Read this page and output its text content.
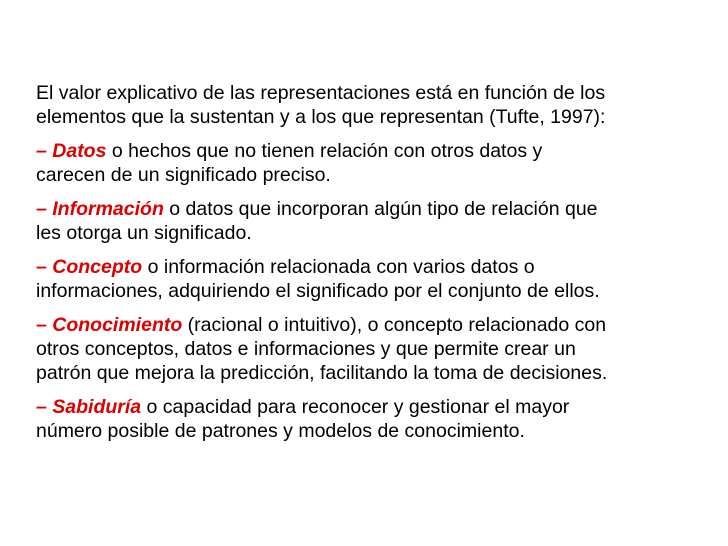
El valor explicativo de las representaciones está en función de los
elementos que la sustentan y a los que representan (Tufte, 1997):

– Datos o hechos que no tienen relación con otros datos y
carecen de un significado preciso.

– Información o datos que incorporan algún tipo de relación que
les otorga un significado.

– Concepto o información relacionada con varios datos o
informaciones, adquiriendo el significado por el conjunto de ellos.

– Conocimiento (racional o intuitivo), o concepto relacionado con
otros conceptos, datos e informaciones y que permite crear un
patrón que mejora la predicción, facilitando la toma de decisiones.

– Sabiduría o capacidad para reconocer y gestionar el mayor
número posible de patrones y modelos de conocimiento.
